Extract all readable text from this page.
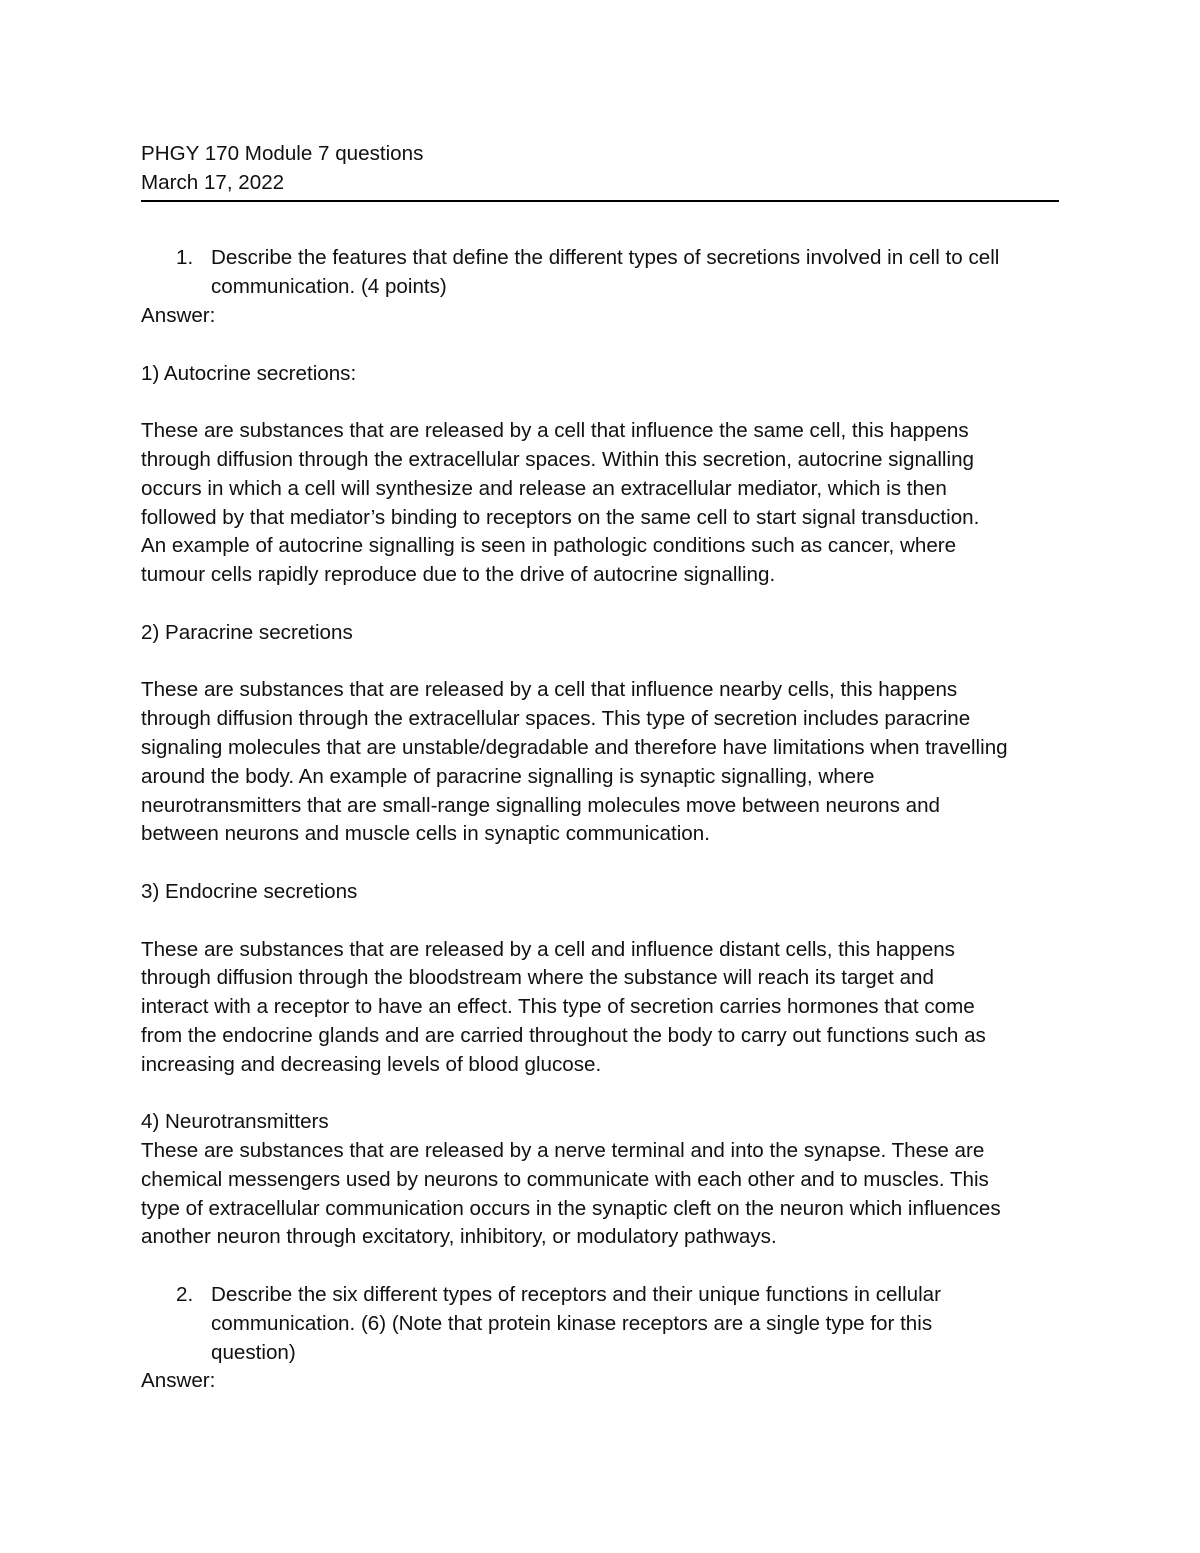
PHGY 170 Module 7 questions
March 17, 2022
1. Describe the features that define the different types of secretions involved in cell to cell
communication. (4 points)

Answer:

1) Autocrine secretions:

These are substances that are released by a cell that influence the same cell, this happens
through diffusion through the extracellular spaces. Within this secretion, autocrine signalling
occurs in which a cell will synthesize and release an extracellular mediator, which is then
followed by that mediator’s binding to receptors on the same cell to start signal transduction.
An example of autocrine signalling is seen in pathologic conditions such as cancer, where
tumour cells rapidly reproduce due to the drive of autocrine signalling.

2) Paracrine secretions

These are substances that are released by a cell that influence nearby cells, this happens
through diffusion through the extracellular spaces. This type of secretion includes paracrine
signaling molecules that are unstable/degradable and therefore have limitations when travelling
around the body. An example of paracrine signalling is synaptic signalling, where
neurotransmitters that are small-range signalling molecules move between neurons and
between neurons and muscle cells in synaptic communication.

3) Endocrine secretions

These are substances that are released by a cell and influence distant cells, this happens
through diffusion through the bloodstream where the substance will reach its target and
interact with a receptor to have an effect. This type of secretion carries hormones that come
from the endocrine glands and are carried throughout the body to carry out functions such as
increasing and decreasing levels of blood glucose.

4) Neurotransmitters

These are substances that are released by a nerve terminal and into the synapse. These are
chemical messengers used by neurons to communicate with each other and to muscles. This
type of extracellular communication occurs in the synaptic cleft on the neuron which influences
another neuron through excitatory, inhibitory, or modulatory pathways.
2. Describe the six different types of receptors and their unique functions in cellular
communication. (6) (Note that protein kinase receptors are a single type for this
question)

Answer:
